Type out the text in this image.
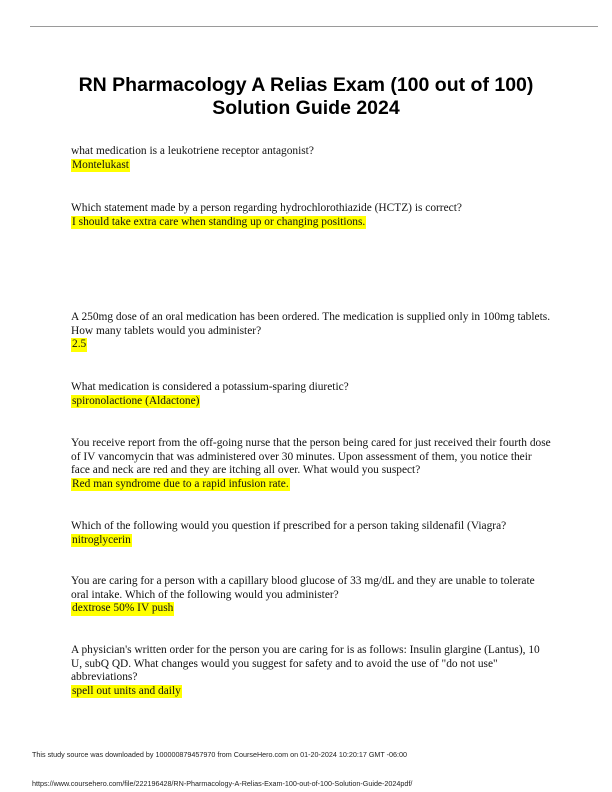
RN Pharmacology A Relias Exam (100 out of 100)
Solution Guide 2024

what medication is a leukotriene receptor antagonist?

Montelukast

Which statement made by a person regarding hydrochlorothiazide (HCTZ) is correct?

I should take extra care when standing up or changing positions.

A 250mg dose of an oral medication has been ordered. The medication is supplied only in 100mg tablets. How many tablets would you administer?

2.5

What medication is considered a potassium-sparing diuretic?

spironolactione (Aldactone)

You receive report from the off-going nurse that the person being cared for just received their fourth dose of IV vancomycin that was administered over 30 minutes. Upon assessment of them, you notice their face and neck are red and they are itching all over. What would you suspect?

Red man syndrome due to a rapid infusion rate.

Which of the following would you question if prescribed for a person taking sildenafil (Viagra?

nitroglycerin

You are caring for a person with a capillary blood glucose of 33 mg/dL and they are unable to tolerate oral intake. Which of the following would you administer?

dextrose 50% IV push

A physician's written order for the person you are caring for is as follows: Insulin glargine (Lantus), 10 U, subQ QD. What changes would you suggest for safety and to avoid the use of "do not use" abbreviations?

spell out units and daily
This study source was downloaded by 100000879457970 from CourseHero.com on 01-20-2024 10:20:17 GMT -06:00
https://www.coursehero.com/file/222196428/RN-Pharmacology-A-Relias-Exam-100-out-of-100-Solution-Guide-2024pdf/
